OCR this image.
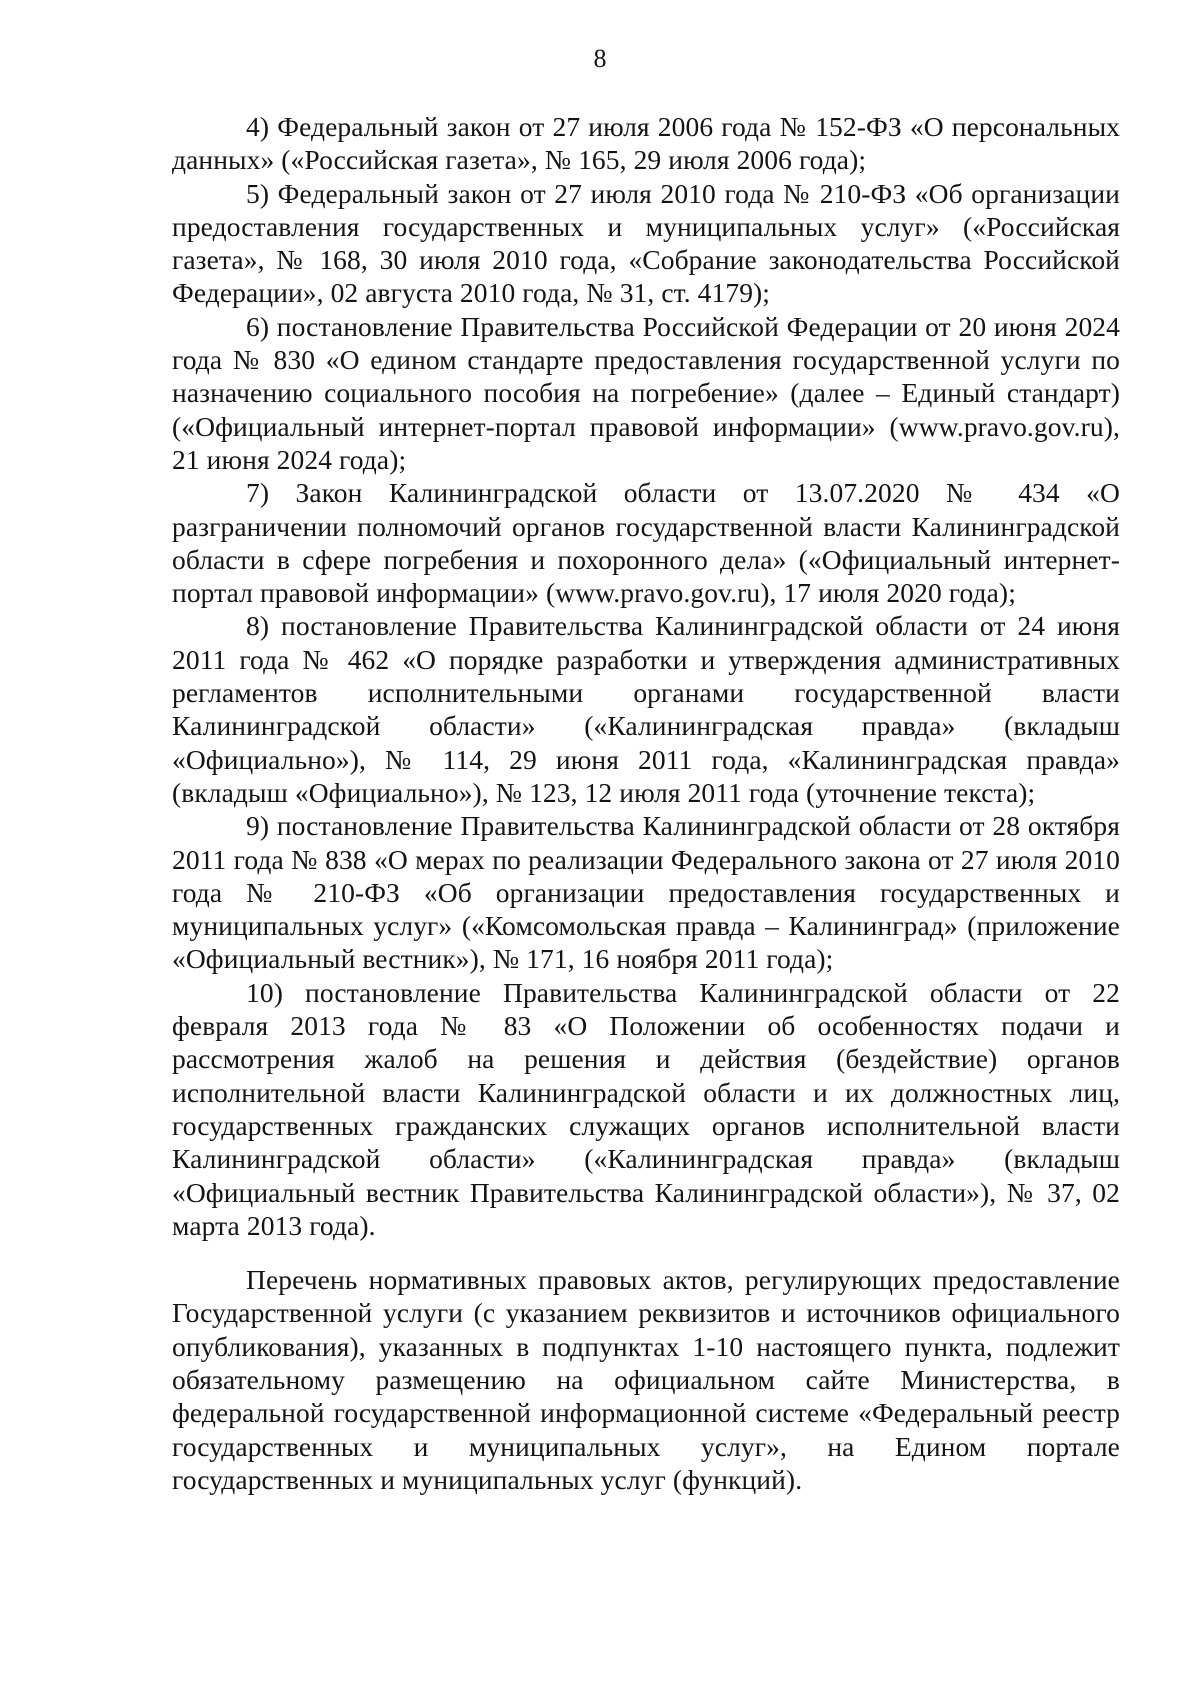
8

4) Федеральный закон от 27 июля 2006 года № 152-ФЗ «О персональных данных» («Российская газета», № 165, 29 июля 2006 года);

5) Федеральный закон от 27 июля 2010 года № 210-ФЗ «Об организации предоставления государственных и муниципальных услуг» («Российская газета», № 168, 30 июля 2010 года, «Собрание законодательства Российской Федерации», 02 августа 2010 года, № 31, ст. 4179);

6) постановление Правительства Российской Федерации от 20 июня 2024 года № 830 «О едином стандарте предоставления государственной услуги по назначению социального пособия на погребение» (далее – Единый стандарт) («Официальный интернет-портал правовой информации» (www.pravo.gov.ru), 21 июня 2024 года);

7) Закон Калининградской области от 13.07.2020 № 434 «О разграничении полномочий органов государственной власти Калининградской области в сфере погребения и похоронного дела» («Официальный интернет-портал правовой информации» (www.pravo.gov.ru), 17 июля 2020 года);

8) постановление Правительства Калининградской области от 24 июня 2011 года № 462 «О порядке разработки и утверждения административных регламентов исполнительными органами государственной власти Калининградской области» («Калининградская правда» (вкладыш «Официально»), № 114, 29 июня 2011 года, «Калининградская правда» (вкладыш «Официально»), № 123, 12 июля 2011 года (уточнение текста);

9) постановление Правительства Калининградской области от 28 октября 2011 года № 838 «О мерах по реализации Федерального закона от 27 июля 2010 года № 210-ФЗ «Об организации предоставления государственных и муниципальных услуг» («Комсомольская правда – Калининград» (приложение «Официальный вестник»), № 171, 16 ноября 2011 года);

10) постановление Правительства Калининградской области от 22 февраля 2013 года № 83 «О Положении об особенностях подачи и рассмотрения жалоб на решения и действия (бездействие) органов исполнительной власти Калининградской области и их должностных лиц, государственных гражданских служащих органов исполнительной власти Калининградской области» («Калининградская правда» (вкладыш «Официальный вестник Правительства Калининградской области»), № 37, 02 марта 2013 года).

Перечень нормативных правовых актов, регулирующих предоставление Государственной услуги (с указанием реквизитов и источников официального опубликования), указанных в подпунктах 1-10 настоящего пункта, подлежит обязательному размещению на официальном сайте Министерства, в федеральной государственной информационной системе «Федеральный реестр государственных и муниципальных услуг», на Едином портале государственных и муниципальных услуг (функций).
